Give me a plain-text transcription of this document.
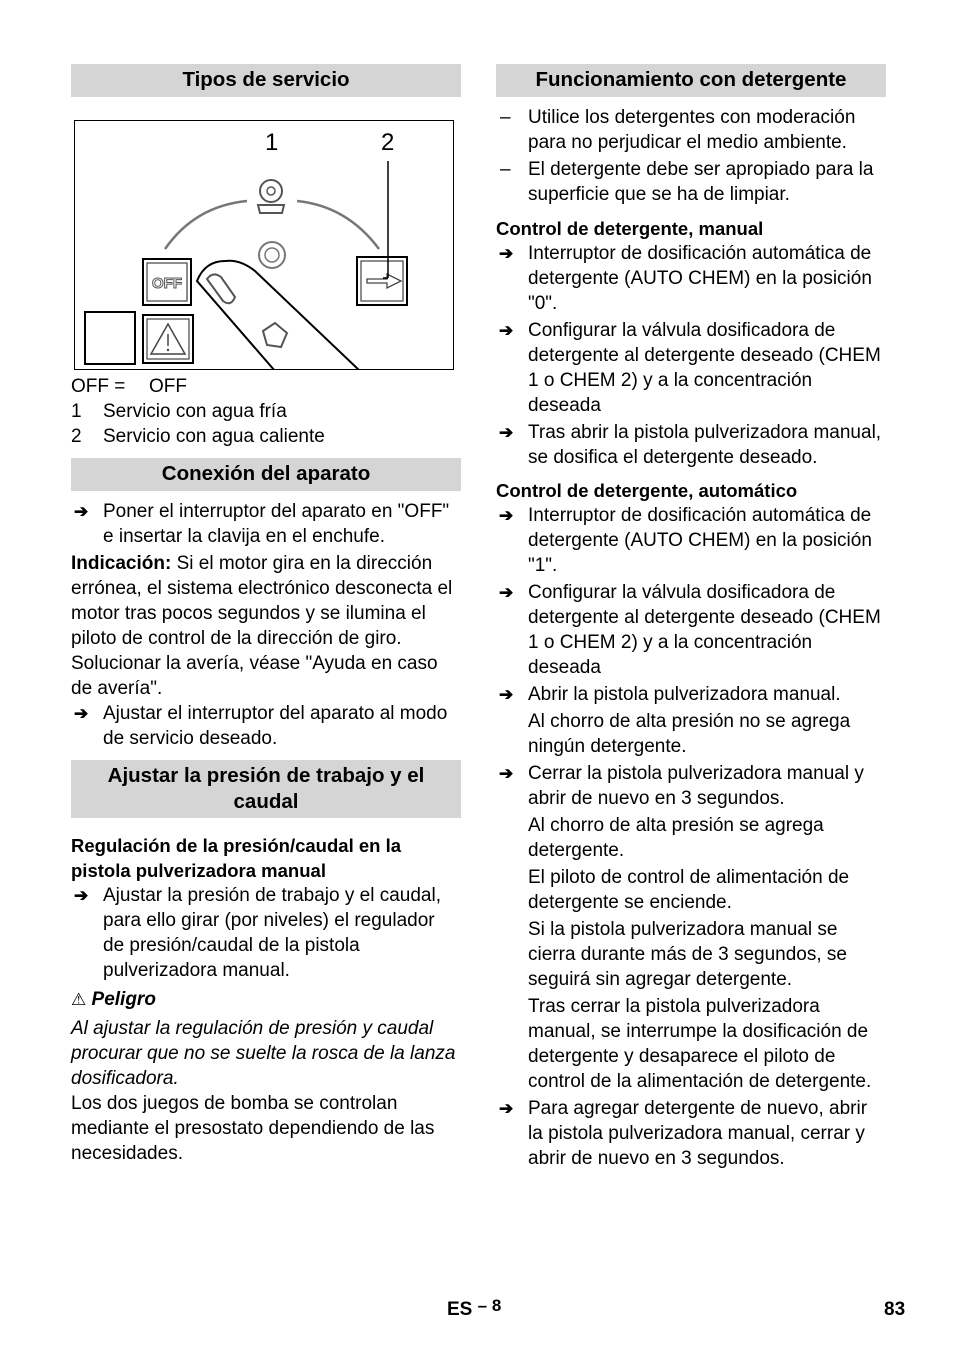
Tipos de servicio
OFF
1	2
OFF =	OFF
1	Servicio con agua fría
2	Servicio con agua caliente
Conexión del aparato
➔ Poner el interruptor del aparato en "OFF" e insertar la clavija en el enchufe.
Indicación: Si el motor gira en la dirección errónea, el sistema electrónico desconecta el motor tras pocos segundos y se ilumina el piloto de control de la dirección de giro. Solucionar la avería, véase "Ayuda en caso de avería".
➔ Ajustar el interruptor del aparato al modo de servicio deseado.
Ajustar la presión de trabajo y el caudal
Regulación de la presión/caudal en la pistola pulverizadora manual
➔ Ajustar la presión de trabajo y el caudal, para ello girar (por niveles) el regulador de presión/caudal de la pistola pulverizadora manual.
⚠ Peligro
Al ajustar la regulación de presión y caudal procurar que no se suelte la rosca de la lanza dosificadora.
Los dos juegos de bomba se controlan mediante el presostato dependiendo de las necesidades.
Funcionamiento con detergente
– Utilice los detergentes con moderación para no perjudicar el medio ambiente.
– El detergente debe ser apropiado para la superficie que se ha de limpiar.
Control de detergente, manual
➔ Interruptor de dosificación automática de detergente (AUTO CHEM) en la posición "0".
➔ Configurar la válvula dosificadora de detergente al detergente deseado (CHEM 1 o CHEM 2) y a la concentración deseada
➔ Tras abrir la pistola pulverizadora manual, se dosifica el detergente deseado.
Control de detergente, automático
➔ Interruptor de dosificación automática de detergente (AUTO CHEM) en la posición "1".
➔ Configurar la válvula dosificadora de detergente al detergente deseado (CHEM 1 o CHEM 2) y a la concentración deseada
➔ Abrir la pistola pulverizadora manual.
Al chorro de alta presión no se agrega ningún detergente.
➔ Cerrar la pistola pulverizadora manual y abrir de nuevo en 3 segundos.
Al chorro de alta presión se agrega detergente.
El piloto de control de alimentación de detergente se enciende.
Si la pistola pulverizadora manual se cierra durante más de 3 segundos, se seguirá sin agregar detergente.
Tras cerrar la pistola pulverizadora manual, se interrumpe la dosificación de detergente y desaparece el piloto de control de la alimentación de detergente.
➔ Para agregar detergente de nuevo, abrir la pistola pulverizadora manual, cerrar y abrir de nuevo en 3 segundos.
ES – 8	83
